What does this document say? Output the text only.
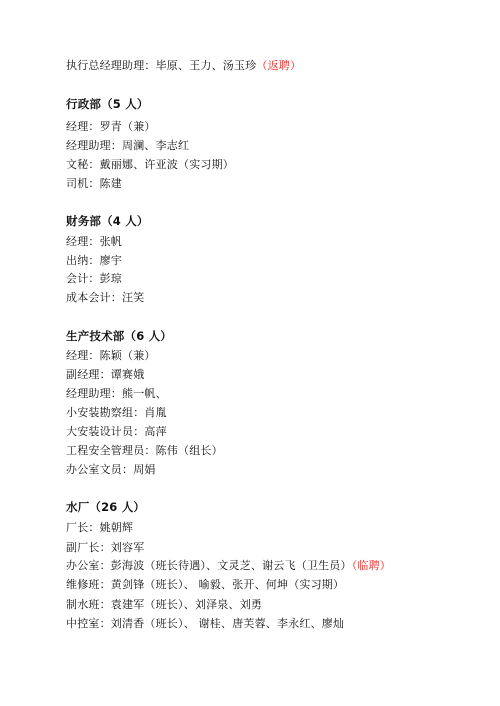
执行总经理助理：毕原、王力、汤玉珍（返聘）
行政部（5 人）
经理：罗青（兼）
经理助理：周澜、李志红
文秘：戴丽娜、许亚波（实习期）
司机：陈建
财务部（4 人）
经理：张帆
出纳：廖宇
会计：彭琼
成本会计：汪笑
生产技术部（6 人）
经理：陈颖（兼）
副经理：谭赛娥
经理助理：熊一帆、
小安装勘察组：肖胤
大安装设计员：高萍
工程安全管理员：陈伟（组长）
办公室文员：周娟
水厂（26 人）
厂长：姚朝辉
副厂长：刘容军
办公室：彭海波（班长待遇）、文灵芝、谢云飞（卫生员）（临聘）
维修班：黄剑锋（班长）、 喻毅、张开、何坤（实习期）
制水班：袁建军（班长）、刘泽泉、刘勇
中控室：刘清香（班长）、 谢桂、唐芙蓉、李永红、廖灿
